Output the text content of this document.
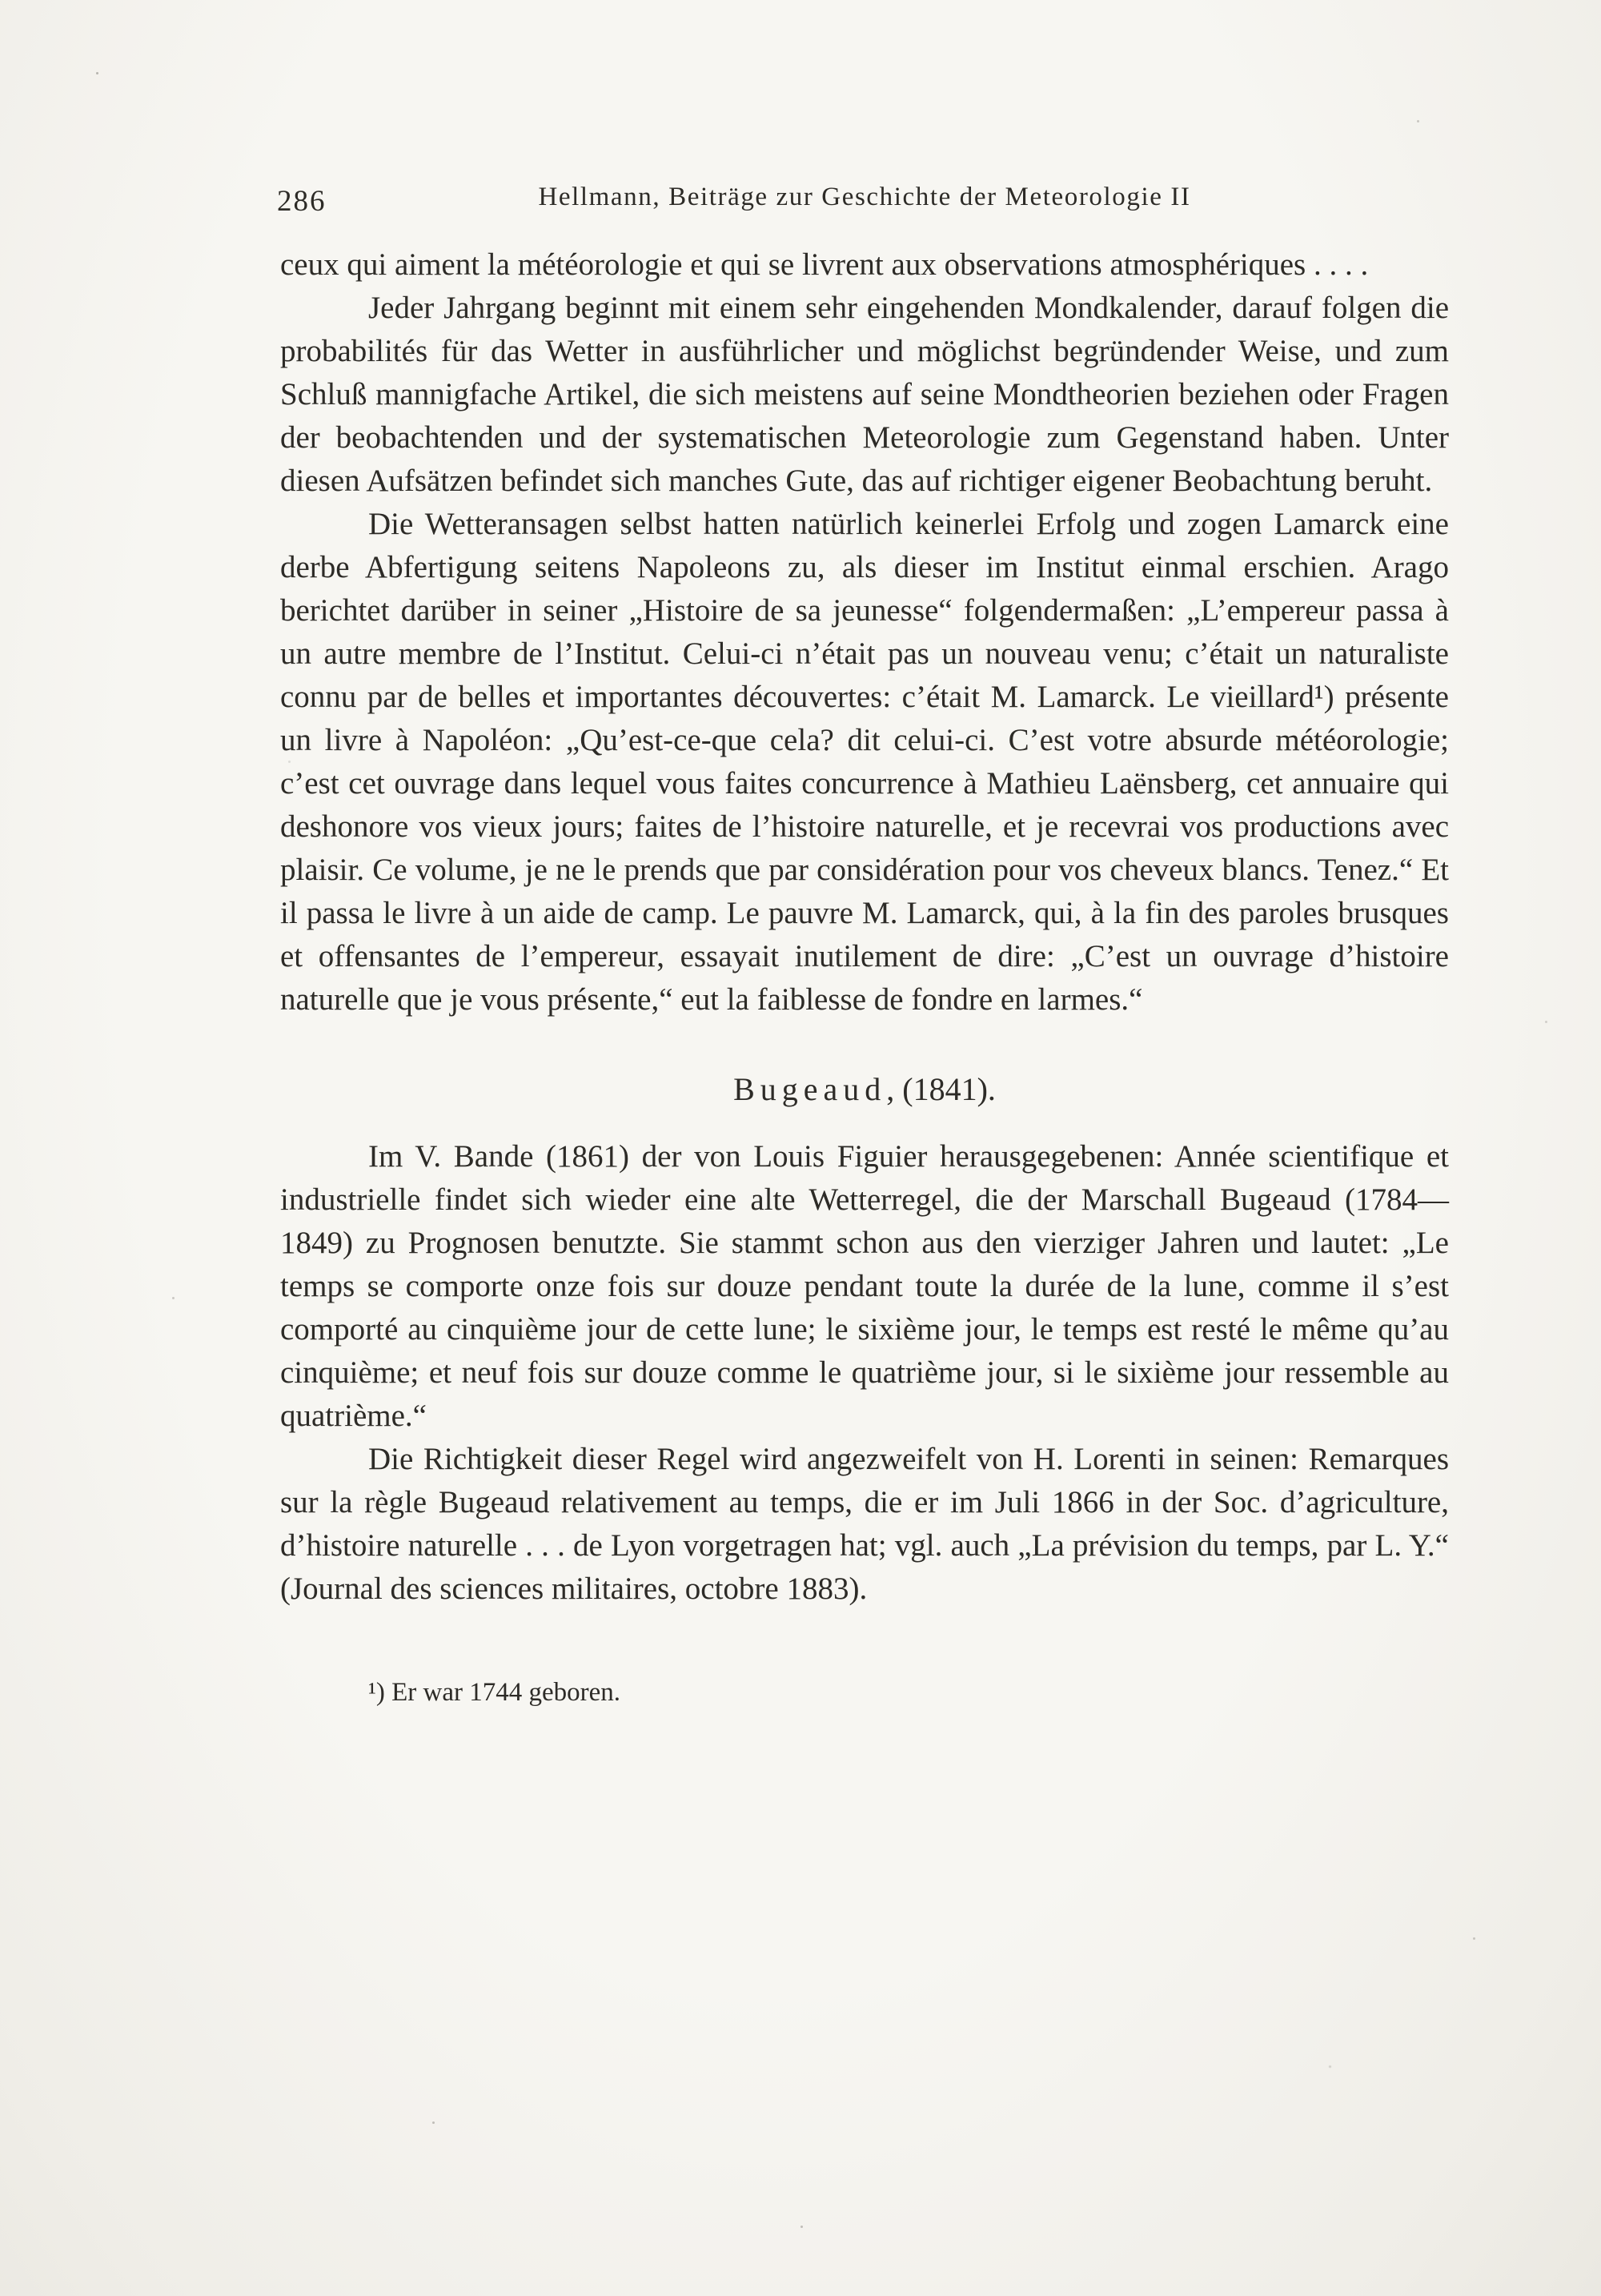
286	Hellmann, Beiträge zur Geschichte der Meteorologie II

ceux qui aiment la météorologie et qui se livrent aux observations atmosphériques . . . .

Jeder Jahrgang beginnt mit einem sehr eingehenden Mondkalender, darauf folgen die probabilités für das Wetter in ausführlicher und möglichst begründender Weise, und zum Schluß mannigfache Artikel, die sich meistens auf seine Mondtheorien beziehen oder Fragen der beobachtenden und der systematischen Meteorologie zum Gegenstand haben. Unter diesen Aufsätzen befindet sich manches Gute, das auf richtiger eigener Beobachtung beruht.

Die Wetteransagen selbst hatten natürlich keinerlei Erfolg und zogen Lamarck eine derbe Abfertigung seitens Napoleons zu, als dieser im Institut einmal erschien. Arago berichtet darüber in seiner „Histoire de sa jeunesse“ folgendermaßen: „L’empereur passa à un autre membre de l’Institut. Celui-ci n’était pas un nouveau venu; c’était un naturaliste connu par de belles et importantes découvertes: c’était M. Lamarck. Le vieillard¹) présente un livre à Napoléon: „Qu’est-ce-que cela? dit celui-ci. C’est votre absurde météorologie; c’est cet ouvrage dans lequel vous faites concurrence à Mathieu Laënsberg, cet annuaire qui deshonore vos vieux jours; faites de l’histoire naturelle, et je recevrai vos productions avec plaisir. Ce volume, je ne le prends que par considération pour vos cheveux blancs. Tenez.“ Et il passa le livre à un aide de camp. Le pauvre M. Lamarck, qui, à la fin des paroles brusques et offensantes de l’empereur, essayait inutilement de dire: „C’est un ouvrage d’histoire naturelle que je vous présente,“ eut la faiblesse de fondre en larmes.“

Bugeaud, (1841).

Im V. Bande (1861) der von Louis Figuier herausgegebenen: Année scientifique et industrielle findet sich wieder eine alte Wetterregel, die der Marschall Bugeaud (1784—1849) zu Prognosen benutzte. Sie stammt schon aus den vierziger Jahren und lautet: „Le temps se comporte onze fois sur douze pendant toute la durée de la lune, comme il s’est comporté au cinquième jour de cette lune; le sixième jour, le temps est resté le même qu’au cinquième; et neuf fois sur douze comme le quatrième jour, si le sixième jour ressemble au quatrième.“

Die Richtigkeit dieser Regel wird angezweifelt von H. Lorenti in seinen: Remarques sur la règle Bugeaud relativement au temps, die er im Juli 1866 in der Soc. d’agriculture, d’histoire naturelle . . . de Lyon vorgetragen hat; vgl. auch „La prévision du temps, par L. Y.“ (Journal des sciences militaires, octobre 1883).

¹) Er war 1744 geboren.
